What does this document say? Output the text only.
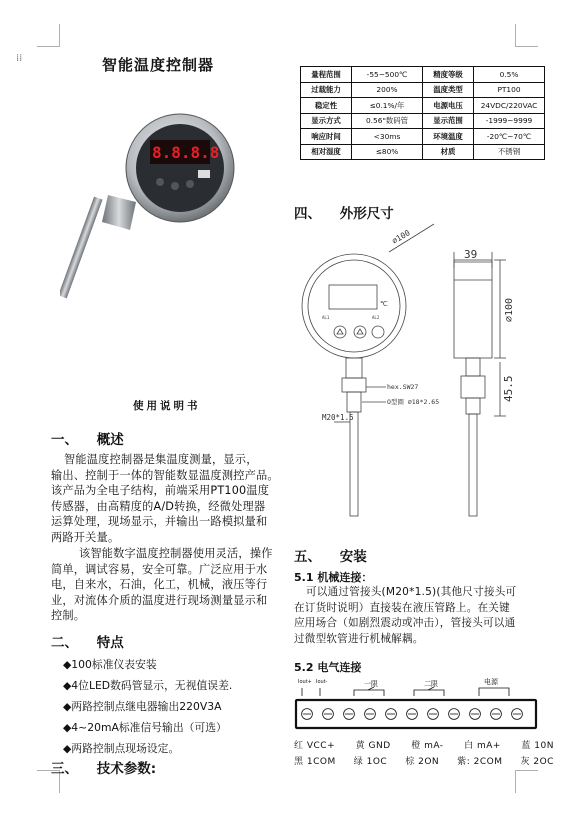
⁞⁞	智能温度控制器
8.8.8.8
使用说明书
一、    概述
智能温度控制器是集温度测量，显示，
输出、控制于一体的智能数显温度测控产品。
该产品为全电子结构，前端采用PT100温度
传感器，由高精度的A/D转换，经微处理器
运算处理，现场显示，并输出一路模拟量和
两路开关量。
该智能数字温度控制器使用灵活，操作
简单，调试容易，安全可靠。广泛应用于水
电，自来水，石油，化工，机械，液压等行
业，对流体介质的温度进行现场测量显示和
控制。
二、    特点
◆100标准仪表安装
◆4位LED数码管显示，无视值误差.
◆两路控制点继电器输出220V3A
◆4~20mA标准信号输出（可选）
◆两路控制点现场设定。
三、    技术参数:
量程范围	-55~500℃	精度等级	0.5%
过载能力	200%	温度类型	PT100
稳定性	≤0.1%/年	电源电压	24VDC/220VAC
显示方式	0.56"数码管	显示范围	-1999~9999
响应时间	<30ms	环境温度	-20℃~70℃
相对湿度	≤80%	材质	不锈钢
四、    外形尺寸
∅100
39
∅100
45.5
hex.SW27
O型圈 ∅18*2.65
M20*1.5
℃
AL1	AL2
五、    安装
5.1 机械连接：
可以通过管接头(M20*1.5)(其他尺寸接头可
在订货时说明）直接装在液压管路上。在关键
应用场合（如剧烈震动或冲击），管接头可以通
过微型软管进行机械解耦。
5.2 电气连接
Iout+ Iout-	一限	二限	电源
红 VCC+ 黄 GND 橙 mA- 白 mA+ 蓝 10N
黑 1COM 绿 1OC 棕 2ON 紫: 2COM 灰 2OC
